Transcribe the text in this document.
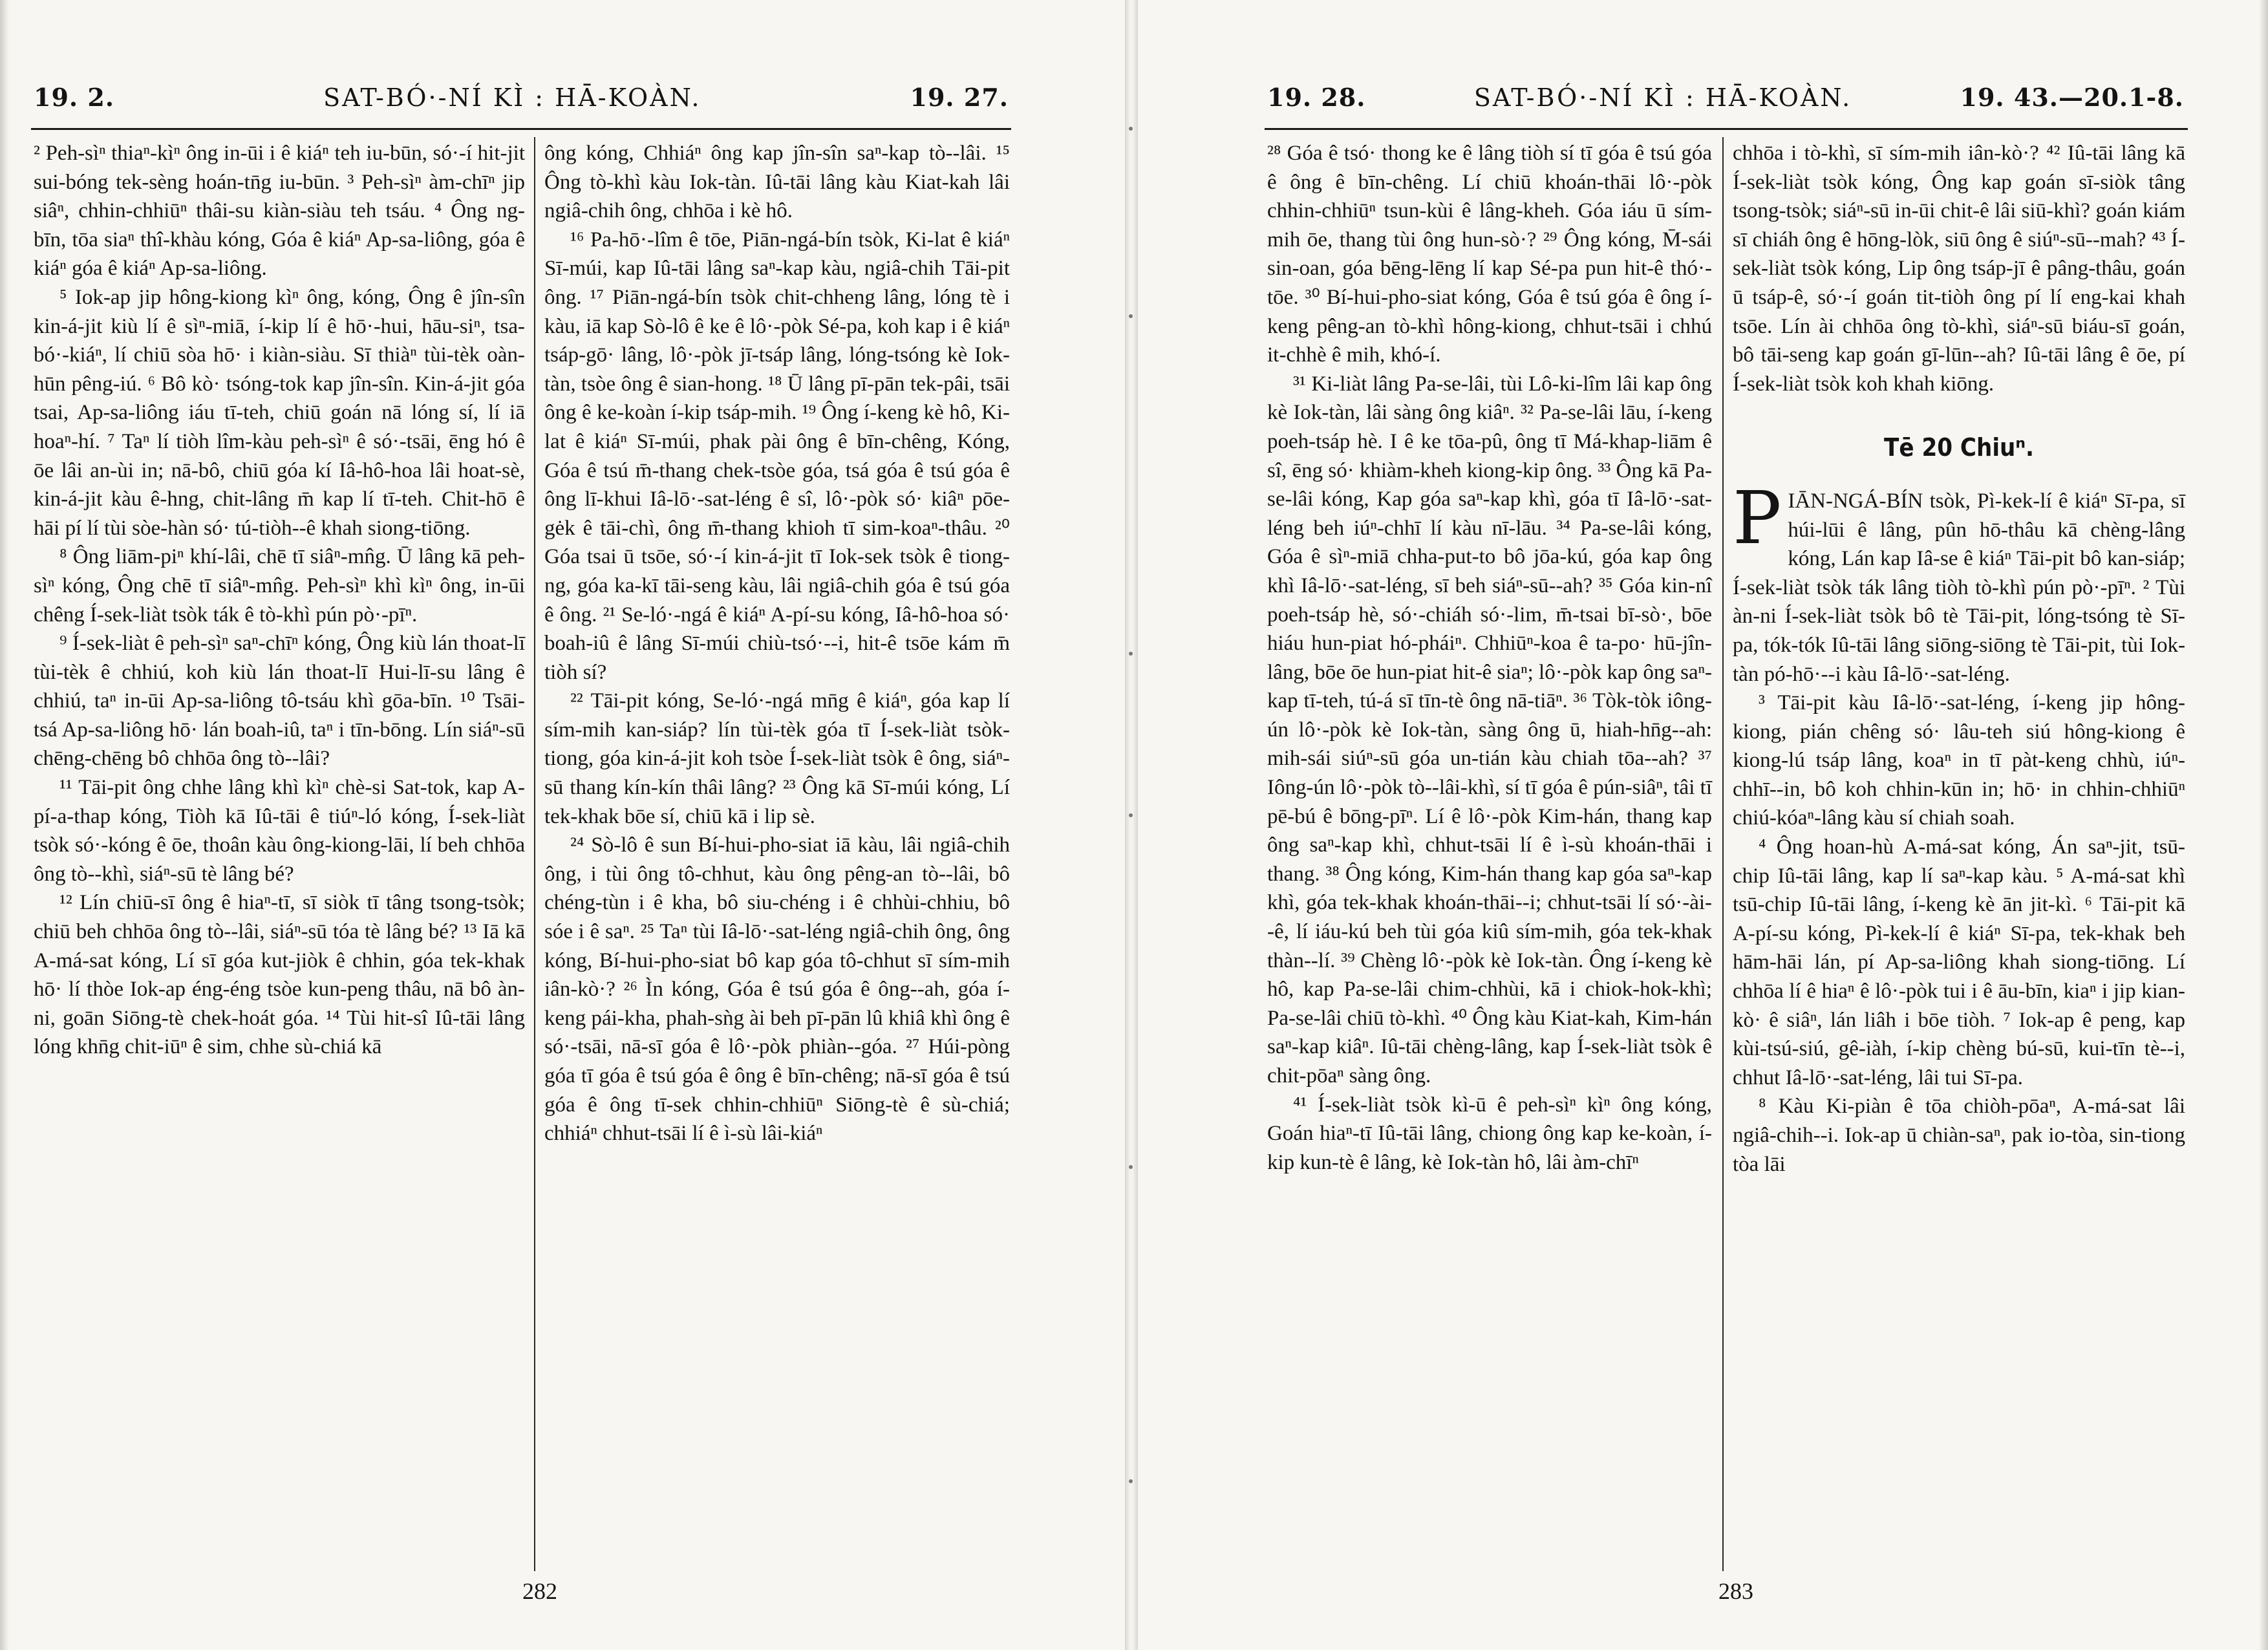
19. 2.	SAT-BÓ·-NÍ KÌ : HĀ-KOÀN.	19. 27.

² Peh-sìⁿ thiaⁿ-kìⁿ ông in-ūi i ê kiáⁿ teh iu-būn, só·-í hit-jit sui-bóng tek-sèng hoán-tn̄g iu-būn. ³ Peh-sìⁿ àm-chīⁿ jip siâⁿ, chhin-chhiūⁿ thâi-su kiàn-siàu teh tsáu. ⁴ Ông ng-bīn, tōa siaⁿ thî-khàu kóng, Góa ê kiáⁿ Ap-sa-liông, góa ê kiáⁿ góa ê kiáⁿ Ap-sa-liông.

⁵ Iok-ap jip hông-kiong kìⁿ ông, kóng, Ông ê jîn-sîn kin-á-jit kiù lí ê sìⁿ-miā, í-kip lí ê hō·-hui, hāu-siⁿ, tsa-bó·-kiáⁿ, lí chiū sòa hō· i kiàn-siàu. Sī thiàⁿ tùi-tèk oàn-hūn pêng-iú. ⁶ Bô kò· tsóng-tok kap jîn-sîn. Kin-á-jit góa tsai, Ap-sa-liông iáu tī-teh, chiū goán nā lóng sí, lí iā hoaⁿ-hí. ⁷ Taⁿ lí tiòh lîm-kàu peh-sìⁿ ê só·-tsāi, ēng hó ê ōe lâi an-ùi in; nā-bô, chiū góa kí Iâ-hô-hoa lâi hoat-sè, kin-á-jit kàu ê-hng, chit-lâng m̄ kap lí tī-teh. Chit-hō ê hāi pí lí tùi sòe-hàn só· tú-tiòh--ê khah siong-tiōng.

⁸ Ông liām-piⁿ khí-lâi, chē tī siâⁿ-mn̂g. Ū lâng kā peh-sìⁿ kóng, Ông chē tī siâⁿ-mn̂g. Peh-sìⁿ khì kìⁿ ông, in-ūi chêng Í-sek-liàt tsòk ták ê tò-khì pún pò·-pīⁿ.

⁹ Í-sek-liàt ê peh-sìⁿ saⁿ-chīⁿ kóng, Ông kiù lán thoat-lī tùi-tèk ê chhiú, koh kiù lán thoat-lī Hui-lī-su lâng ê chhiú, taⁿ in-ūi Ap-sa-liông tô-tsáu khì gōa-bīn. ¹⁰ Tsāi-tsá Ap-sa-liông hō· lán boah-iû, taⁿ i tīn-bōng. Lín siáⁿ-sū chēng-chēng bô chhōa ông tò--lâi?

¹¹ Tāi-pit ông chhe lâng khì kìⁿ chè-si Sat-tok, kap A-pí-a-thap kóng, Tiòh kā Iû-tāi ê tiúⁿ-ló kóng, Í-sek-liàt tsòk só·-kóng ê ōe, thoân kàu ông-kiong-lāi, lí beh chhōa ông tò--khì, siáⁿ-sū tè lâng bé?

¹² Lín chiū-sī ông ê hiaⁿ-tī, sī siòk tī tâng tsong-tsòk; chiū beh chhōa ông tò--lâi, siáⁿ-sū tóa tè lâng bé? ¹³ Iā kā A-má-sat kóng, Lí sī góa kut-jiòk ê chhin, góa tek-khak hō· lí thòe Iok-ap éng-éng tsòe kun-peng thâu, nā bô àn-ni, goān Siōng-tè chek-hoát góa. ¹⁴ Tùi hit-sî Iû-tāi lâng lóng khn̄g chit-iūⁿ ê sim, chhe sù-chiá kā

ông kóng, Chhiáⁿ ông kap jîn-sîn saⁿ-kap tò--lâi. ¹⁵ Ông tò-khì kàu Iok-tàn. Iû-tāi lâng kàu Kiat-kah lâi ngiâ-chih ông, chhōa i kè hô.

¹⁶ Pa-hō·-lîm ê tōe, Piān-ngá-bín tsòk, Ki-lat ê kiáⁿ Sī-múi, kap Iû-tāi lâng saⁿ-kap kàu, ngiâ-chih Tāi-pit ông. ¹⁷ Piān-ngá-bín tsòk chit-chheng lâng, lóng tè i kàu, iā kap Sò-lô ê ke ê lô·-pòk Sé-pa, koh kap i ê kiáⁿ tsáp-gō· lâng, lô·-pòk jī-tsáp lâng, lóng-tsóng kè Iok-tàn, tsòe ông ê sian-hong. ¹⁸ Ū lâng pī-pān tek-pâi, tsāi ông ê ke-koàn í-kip tsáp-mih. ¹⁹ Ông í-keng kè hô, Ki-lat ê kiáⁿ Sī-múi, phak pài ông ê bīn-chêng, Kóng, Góa ê tsú m̄-thang chek-tsòe góa, tsá góa ê tsú góa ê ông lī-khui Iâ-lō·-sat-léng ê sî, lô·-pòk só· kiâⁿ pōe-gėk ê tāi-chì, ông m̄-thang khioh tī sim-koaⁿ-thâu. ²⁰ Góa tsai ū tsōe, só·-í kin-á-jit tī Iok-sek tsòk ê tiong-ng, góa ka-kī tāi-seng kàu, lâi ngiâ-chih góa ê tsú góa ê ông. ²¹ Se-ló·-ngá ê kiáⁿ A-pí-su kóng, Iâ-hô-hoa só· boah-iû ê lâng Sī-múi chiù-tsó·--i, hit-ê tsōe kám m̄ tiòh sí?

²² Tāi-pit kóng, Se-ló·-ngá mn̄g ê kiáⁿ, góa kap lí sím-mih kan-siáp? lín tùi-tèk góa tī Í-sek-liàt tsòk-tiong, góa kin-á-jit koh tsòe Í-sek-liàt tsòk ê ông, siáⁿ-sū thang kín-kín thâi lâng? ²³ Ông kā Sī-múi kóng, Lí tek-khak bōe sí, chiū kā i lip sè.

²⁴ Sò-lô ê sun Bí-hui-pho-siat iā kàu, lâi ngiâ-chih ông, i tùi ông tô-chhut, kàu ông pêng-an tò--lâi, bô chéng-tùn i ê kha, bô siu-chéng i ê chhùi-chhiu, bô sóe i ê saⁿ. ²⁵ Taⁿ tùi Iâ-lō·-sat-léng ngiâ-chih ông, ông kóng, Bí-hui-pho-siat bô kap góa tô-chhut sī sím-mih iân-kò·? ²⁶ Ìn kóng, Góa ê tsú góa ê ông--ah, góa í-keng pái-kha, phah-sǹg ài beh pī-pān lû khiâ khì ông ê só·-tsāi, nā-sī góa ê lô·-pòk phiàn--góa. ²⁷ Húi-pòng góa tī góa ê tsú góa ê ông ê bīn-chêng; nā-sī góa ê tsú góa ê ông tī-sek chhin-chhiūⁿ Siōng-tè ê sù-chiá; chhiáⁿ chhut-tsāi lí ê ì-sù lâi-kiáⁿ

282
19. 28.	SAT-BÓ·-NÍ KÌ : HĀ-KOÀN.	19. 43.—20.1-8.

²⁸ Góa ê tsó· thong ke ê lâng tiòh sí tī góa ê tsú góa ê ông ê bīn-chêng. Lí chiū khoán-thāi lô·-pòk chhin-chhiūⁿ tsun-kùi ê lâng-kheh. Góa iáu ū sím-mih ōe, thang tùi ông hun-sò·? ²⁹ Ông kóng, M̄-sái sin-oan, góa bēng-lēng lí kap Sé-pa pun hit-ê thó·-tōe. ³⁰ Bí-hui-pho-siat kóng, Góa ê tsú góa ê ông í-keng pêng-an tò-khì hông-kiong, chhut-tsāi i chhú it-chhè ê mih, khó-í.

³¹ Ki-liàt lâng Pa-se-lâi, tùi Lô-ki-lîm lâi kap ông kè Iok-tàn, lâi sàng ông kiâⁿ. ³² Pa-se-lâi lāu, í-keng poeh-tsáp hè. I ê ke tōa-pû, ông tī Má-khap-liām ê sî, ēng só· khiàm-kheh kiong-kip ông. ³³ Ông kā Pa-se-lâi kóng, Kap góa saⁿ-kap khì, góa tī Iâ-lō·-sat-léng beh iúⁿ-chhī lí kàu nī-lāu. ³⁴ Pa-se-lâi kóng, Góa ê sìⁿ-miā chha-put-to bô jōa-kú, góa kap ông khì Iâ-lō·-sat-léng, sī beh siáⁿ-sū--ah? ³⁵ Góa kin-nî poeh-tsáp hè, só·-chiáh só·-lim, m̄-tsai bī-sò·, bōe hiáu hun-piat hó-pháiⁿ. Chhiūⁿ-koa ê ta-po· hū-jîn-lâng, bōe ōe hun-piat hit-ê siaⁿ; lô·-pòk kap ông saⁿ-kap tī-teh, tú-á sī tīn-tè ông nā-tiāⁿ. ³⁶ Tòk-tòk iông-ún lô·-pòk kè Iok-tàn, sàng ông ū, hiah-hn̄g--ah: mih-sái siúⁿ-sū góa un-tián kàu chiah tōa--ah? ³⁷ Iông-ún lô·-pòk tò--lâi-khì, sí tī góa ê pún-siâⁿ, tâi tī pē-bú ê bōng-pīⁿ. Lí ê lô·-pòk Kim-hán, thang kap ông saⁿ-kap khì, chhut-tsāi lí ê ì-sù khoán-thāi i thang. ³⁸ Ông kóng, Kim-hán thang kap góa saⁿ-kap khì, góa tek-khak khoán-thāi--i; chhut-tsāi lí só·-ài--ê, lí iáu-kú beh tùi góa kiû sím-mih, góa tek-khak thàn--lí. ³⁹ Chèng lô·-pòk kè Iok-tàn. Ông í-keng kè hô, kap Pa-se-lâi chim-chhùi, kā i chiok-hok-khì; Pa-se-lâi chiū tò-khì. ⁴⁰ Ông kàu Kiat-kah, Kim-hán saⁿ-kap kiâⁿ. Iû-tāi chèng-lâng, kap Í-sek-liàt tsòk ê chit-pōaⁿ sàng ông.

⁴¹ Í-sek-liàt tsòk kì-ū ê peh-sìⁿ kìⁿ ông kóng, Goán hiaⁿ-tī Iû-tāi lâng, chiong ông kap ke-koàn, í-kip kun-tè ê lâng, kè Iok-tàn hô, lâi àm-chīⁿ

chhōa i tò-khì, sī sím-mih iân-kò·? ⁴² Iû-tāi lâng kā Í-sek-liàt tsòk kóng, Ông kap goán sī-siòk tâng tsong-tsòk; siáⁿ-sū in-ūi chit-ê lâi siū-khì? goán kiám sī chiáh ông ê hōng-lòk, siū ông ê siúⁿ-sū--mah? ⁴³ Í-sek-liàt tsòk kóng, Lip ông tsáp-jī ê pâng-thâu, goán ū tsáp-ê, só·-í goán tit-tiòh ông pí lí eng-kai khah tsōe. Lín ài chhōa ông tò-khì, siáⁿ-sū biáu-sī goán, bô tāi-seng kap goán gī-lūn--ah? Iû-tāi lâng ê ōe, pí Í-sek-liàt tsòk koh khah kiōng.

Tē 20 Chiuⁿ.

PIĀN-NGÁ-BÍN tsòk, Pì-kek-lí ê kiáⁿ Sī-pa, sī húi-lūi ê lâng, pûn hō-thâu kā chèng-lâng kóng, Lán kap Iâ-se ê kiáⁿ Tāi-pit bô kan-siáp; Í-sek-liàt tsòk ták lâng tiòh tò-khì pún pò·-pīⁿ. ² Tùi àn-ni Í-sek-liàt tsòk bô tè Tāi-pit, lóng-tsóng tè Sī-pa, tók-tók Iû-tāi lâng siōng-siōng tè Tāi-pit, tùi Iok-tàn pó-hō·--i kàu Iâ-lō·-sat-léng.

³ Tāi-pit kàu Iâ-lō·-sat-léng, í-keng jip hông-kiong, pián chêng só· lâu-teh siú hông-kiong ê kiong-lú tsáp lâng, koaⁿ in tī pàt-keng chhù, iúⁿ-chhī--in, bô koh chhin-kūn in; hō· in chhin-chhiūⁿ chiú-kóaⁿ-lâng kàu sí chiah soah.

⁴ Ông hoan-hù A-má-sat kóng, Án saⁿ-jit, tsū-chip Iû-tāi lâng, kap lí saⁿ-kap kàu. ⁵ A-má-sat khì tsū-chip Iû-tāi lâng, í-keng kè ān jit-kì. ⁶ Tāi-pit kā A-pí-su kóng, Pì-kek-lí ê kiáⁿ Sī-pa, tek-khak beh hām-hāi lán, pí Ap-sa-liông khah siong-tiōng. Lí chhōa lí ê hiaⁿ ê lô·-pòk tui i ê āu-bīn, kiaⁿ i jip kian-kò· ê siâⁿ, lán liâh i bōe tiòh. ⁷ Iok-ap ê peng, kap kùi-tsú-siú, gê-iàh, í-kip chèng bú-sū, kui-tīn tè--i, chhut Iâ-lō·-sat-léng, lâi tui Sī-pa.

⁸ Kàu Ki-piàn ê tōa chiòh-pōaⁿ, A-má-sat lâi ngiâ-chih--i. Iok-ap ū chiàn-saⁿ, pak io-tòa, sin-tiong tòa lāi

283
